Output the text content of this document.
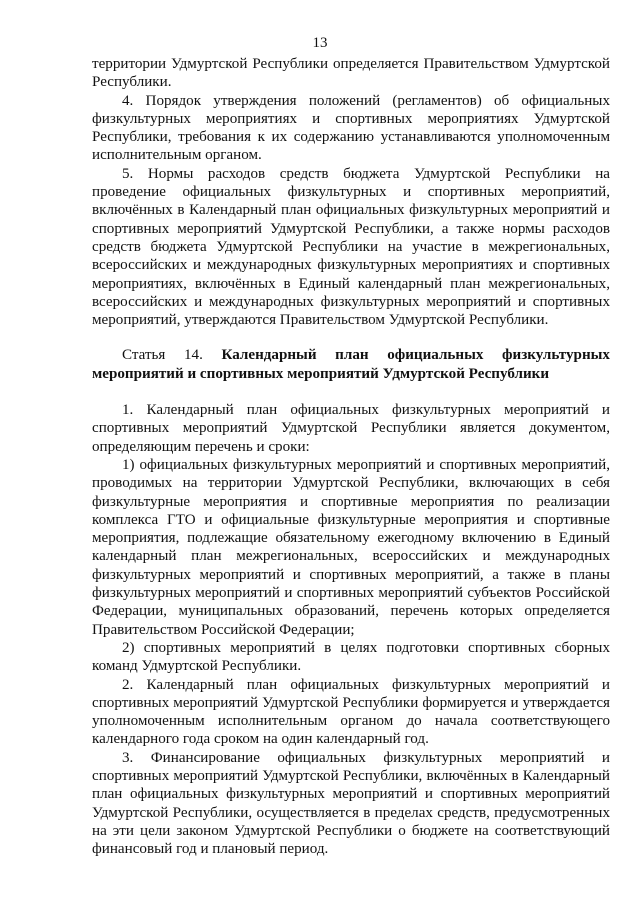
13

территории Удмуртской Республики определяется Правительством Удмуртской Республики.

4. Порядок утверждения положений (регламентов) об официальных физкультурных мероприятиях и спортивных мероприятиях Удмуртской Республики, требования к их содержанию устанавливаются уполномоченным исполнительным органом.

5. Нормы расходов средств бюджета Удмуртской Республики на проведение официальных физкультурных и спортивных мероприятий, включённых в Календарный план официальных физкультурных мероприятий и спортивных мероприятий Удмуртской Республики, а также нормы расходов средств бюджета Удмуртской Республики на участие в межрегиональных, всероссийских и международных физкультурных мероприятиях и спортивных мероприятиях, включённых в Единый календарный план межрегиональных, всероссийских и международных физкультурных мероприятий и спортивных мероприятий, утверждаются Правительством Удмуртской Республики.

Статья 14. Календарный план официальных физкультурных мероприятий и спортивных мероприятий Удмуртской Республики

1. Календарный план официальных физкультурных мероприятий и спортивных мероприятий Удмуртской Республики является документом, определяющим перечень и сроки:

1) официальных физкультурных мероприятий и спортивных мероприятий, проводимых на территории Удмуртской Республики, включающих в себя физкультурные мероприятия и спортивные мероприятия по реализации комплекса ГТО и официальные физкультурные мероприятия и спортивные мероприятия, подлежащие обязательному ежегодному включению в Единый календарный план межрегиональных, всероссийских и международных физкультурных мероприятий и спортивных мероприятий, а также в планы физкультурных мероприятий и спортивных мероприятий субъектов Российской Федерации, муниципальных образований, перечень которых определяется Правительством Российской Федерации;

2) спортивных мероприятий в целях подготовки спортивных сборных команд Удмуртской Республики.

2. Календарный план официальных физкультурных мероприятий и спортивных мероприятий Удмуртской Республики формируется и утверждается уполномоченным исполнительным органом до начала соответствующего календарного года сроком на один календарный год.

3. Финансирование официальных физкультурных мероприятий и спортивных мероприятий Удмуртской Республики, включённых в Календарный план официальных физкультурных мероприятий и спортивных мероприятий Удмуртской Республики, осуществляется в пределах средств, предусмотренных на эти цели законом Удмуртской Республики о бюджете на соответствующий финансовый год и плановый период.
